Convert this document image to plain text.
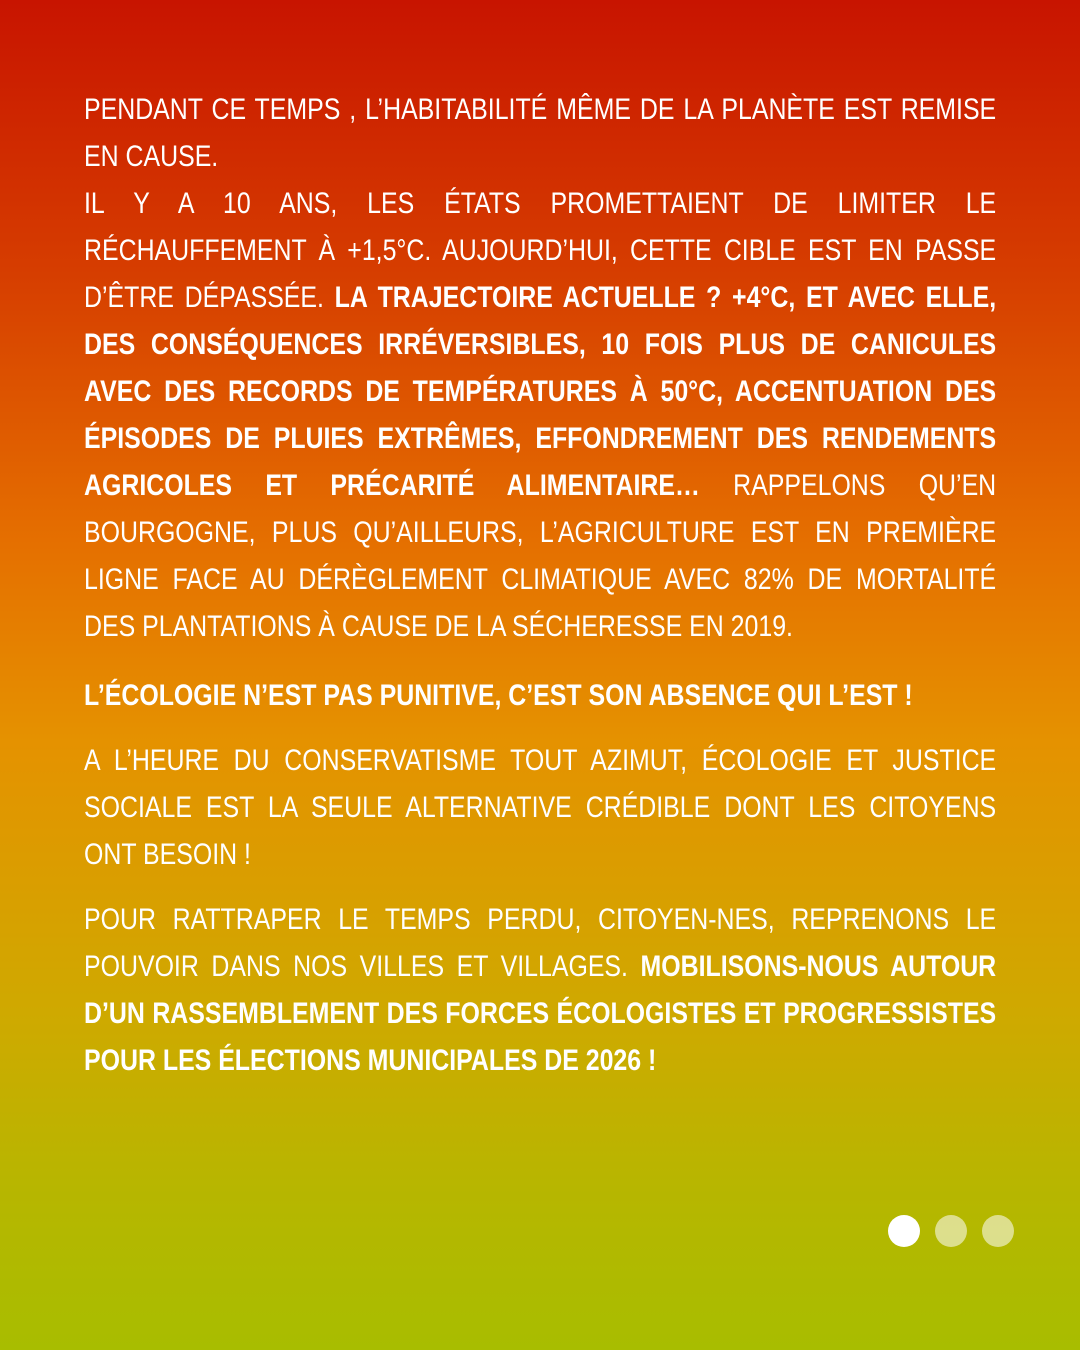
PENDANT CE TEMPS , L’HABITABILITÉ MÊME DE LA PLANÈTE EST REMISE EN CAUSE.

IL Y A 10 ANS, LES ÉTATS PROMETTAIENT DE LIMITER LE RÉCHAUFFEMENT À +1,5°C. AUJOURD’HUI, CETTE CIBLE EST EN PASSE D’ÊTRE DÉPASSÉE. LA TRAJECTOIRE ACTUELLE ? +4°C, ET AVEC ELLE, DES CONSÉQUENCES IRRÉVERSIBLES, 10 FOIS PLUS DE CANICULES AVEC DES RECORDS DE TEMPÉRATURES À 50°C, ACCENTUATION DES ÉPISODES DE PLUIES EXTRÊMES, EFFONDREMENT DES RENDEMENTS AGRICOLES ET PRÉCARITÉ ALIMENTAIRE… RAPPELONS QU’EN BOURGOGNE, PLUS QU’AILLEURS, L’AGRICULTURE EST EN PREMIÈRE LIGNE FACE AU DÉRÈGLEMENT CLIMATIQUE AVEC 82% DE MORTALITÉ DES PLANTATIONS À CAUSE DE LA SÉCHERESSE EN 2019.

L’ÉCOLOGIE N’EST PAS PUNITIVE, C’EST SON ABSENCE QUI L’EST !

A L’HEURE DU CONSERVATISME TOUT AZIMUT, ÉCOLOGIE ET JUSTICE SOCIALE EST LA SEULE ALTERNATIVE CRÉDIBLE DONT LES CITOYENS ONT BESOIN !

POUR RATTRAPER LE TEMPS PERDU, CITOYEN-NES, REPRENONS LE POUVOIR DANS NOS VILLES ET VILLAGES. MOBILISONS-NOUS AUTOUR D’UN RASSEMBLEMENT DES FORCES ÉCOLOGISTES ET PROGRESSISTES POUR LES ÉLECTIONS MUNICIPALES DE 2026 !
